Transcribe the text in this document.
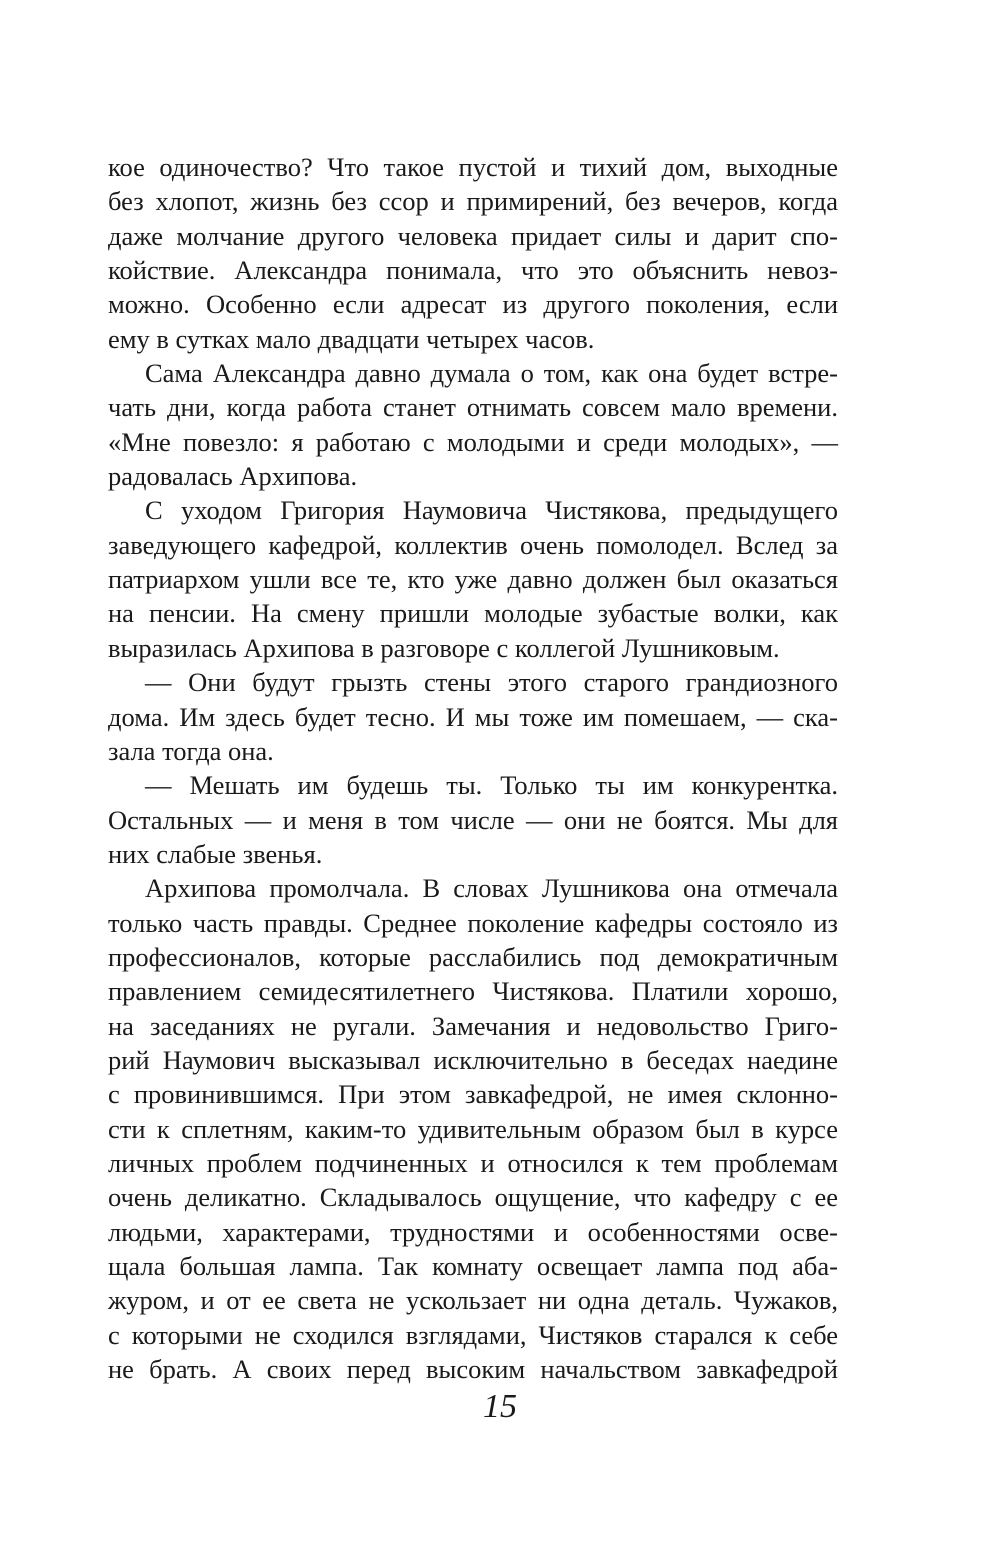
кое одиночество? Что такое пустой и тихий дом, выходные
без хлопот, жизнь без ссор и примирений, без вечеров, когда
даже молчание другого человека придает силы и дарит спо-
койствие. Александра понимала, что это объяснить невоз-
можно. Особенно если адресат из другого поколения, если
ему в сутках мало двадцати четырех часов.
Сама Александра давно думала о том, как она будет встре-
чать дни, когда работа станет отнимать совсем мало времени.
«Мне повезло: я работаю с молодыми и среди молодых», —
радовалась Архипова.
С уходом Григория Наумовича Чистякова, предыдущего
заведующего кафедрой, коллектив очень помолодел. Вслед за
патриархом ушли все те, кто уже давно должен был оказаться
на пенсии. На смену пришли молодые зубастые волки, как
выразилась Архипова в разговоре с коллегой Лушниковым.
— Они будут грызть стены этого старого грандиозного
дома. Им здесь будет тесно. И мы тоже им помешаем, — ска-
зала тогда она.
— Мешать им будешь ты. Только ты им конкурентка.
Остальных — и меня в том числе — они не боятся. Мы для
них слабые звенья.
Архипова промолчала. В словах Лушникова она отмечала
только часть правды. Среднее поколение кафедры состояло из
профессионалов, которые расслабились под демократичным
правлением семидесятилетнего Чистякова. Платили хорошо,
на заседаниях не ругали. Замечания и недовольство Григо-
рий Наумович высказывал исключительно в беседах наедине
с провинившимся. При этом завкафедрой, не имея склонно-
сти к сплетням, каким-то удивительным образом был в курсе
личных проблем подчиненных и относился к тем проблемам
очень деликатно. Складывалось ощущение, что кафедру с ее
людьми, характерами, трудностями и особенностями осве-
щала большая лампа. Так комнату освещает лампа под аба-
журом, и от ее света не ускользает ни одна деталь. Чужаков,
с которыми не сходился взглядами, Чистяков старался к себе
не брать. А своих перед высоким начальством завкафедрой
15
